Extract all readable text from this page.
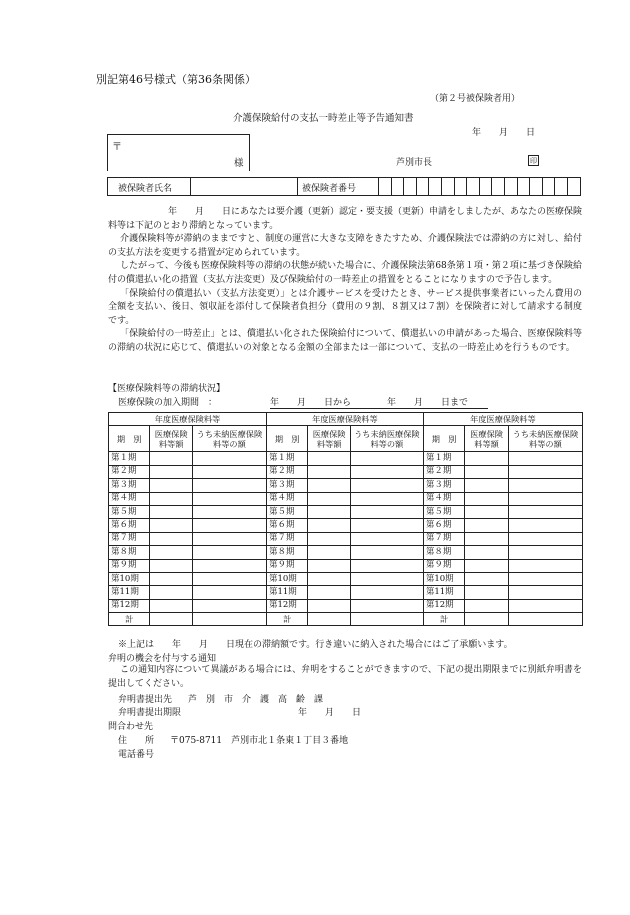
別記第46号様式（第36条関係）
（第２号被保険者用）
介護保険給付の支払一時差止等予告通知書
年　　月　　日
〒
様	芦別市長	印
被保険者氏名	被保険者番号

年　　月　　日にあなたは要介護（更新）認定・要支援（更新）申請をしましたが、あなたの医療保険料等は下記のとおり滞納となっています。

介護保険料等が滞納のままですと、制度の運営に大きな支障をきたすため、介護保険法では滞納の方に対し、給付の支払方法を変更する措置が定められています。

したがって、今後も医療保険料等の滞納の状態が続いた場合に、介護保険法第68条第１項・第２項に基づき保険給付の償還払い化の措置（支払方法変更）及び保険給付の一時差止の措置をとることになりますので予告します。

「保険給付の償還払い（支払方法変更）」とは介護サービスを受けたとき、サービス提供事業者にいったん費用の全額を支払い、後日、領収証を添付して保険者負担分（費用の９割、８割又は７割）を保険者に対して請求する制度です。

「保険給付の一時差止」とは、償還払い化された保険給付について、償還払いの申請があった場合、医療保険料等の滞納の状況に応じて、償還払いの対象となる金額の全部または一部について、支払の一時差止めを行うものです。

【医療保険料等の滞納状況】
医療保険の加入期間　：	年　　月　　日から　　　　年　　月　　日まで
年度医療保険料等			年度医療保険料等			年度医療保険料等		
期　別	医療保険料等額	うち未納医療保険料等の額	期　別	医療保険料等額	うち未納医療保険料等の額	期　別	医療保険料等額	うち未納医療保険料等の額
第１期			第１期			第１期		
第２期			第２期			第２期		
第３期			第３期			第３期		
第４期			第４期			第４期		
第５期			第５期			第５期		
第６期			第６期			第６期		
第７期			第７期			第７期		
第８期			第８期			第８期		
第９期			第９期			第９期		
第10期			第10期			第10期		
第11期			第11期			第11期		
第12期			第12期			第12期		
計			計			計		
※上記は　　年　　月　　日現在の滞納額です。行き違いに納入された場合にはご了承願います。
弁明の機会を付与する通知
この通知内容について異議がある場合には、弁明をすることができますので、下記の提出期限までに別紙弁明書を提出してください。
弁明書提出先 芦　別　市　介　護　高　齢　課
弁明書提出期限	年　　月　　日
問合わせ先
住　　所 〒075-8711　芦別市北１条東１丁目３番地
電話番号
